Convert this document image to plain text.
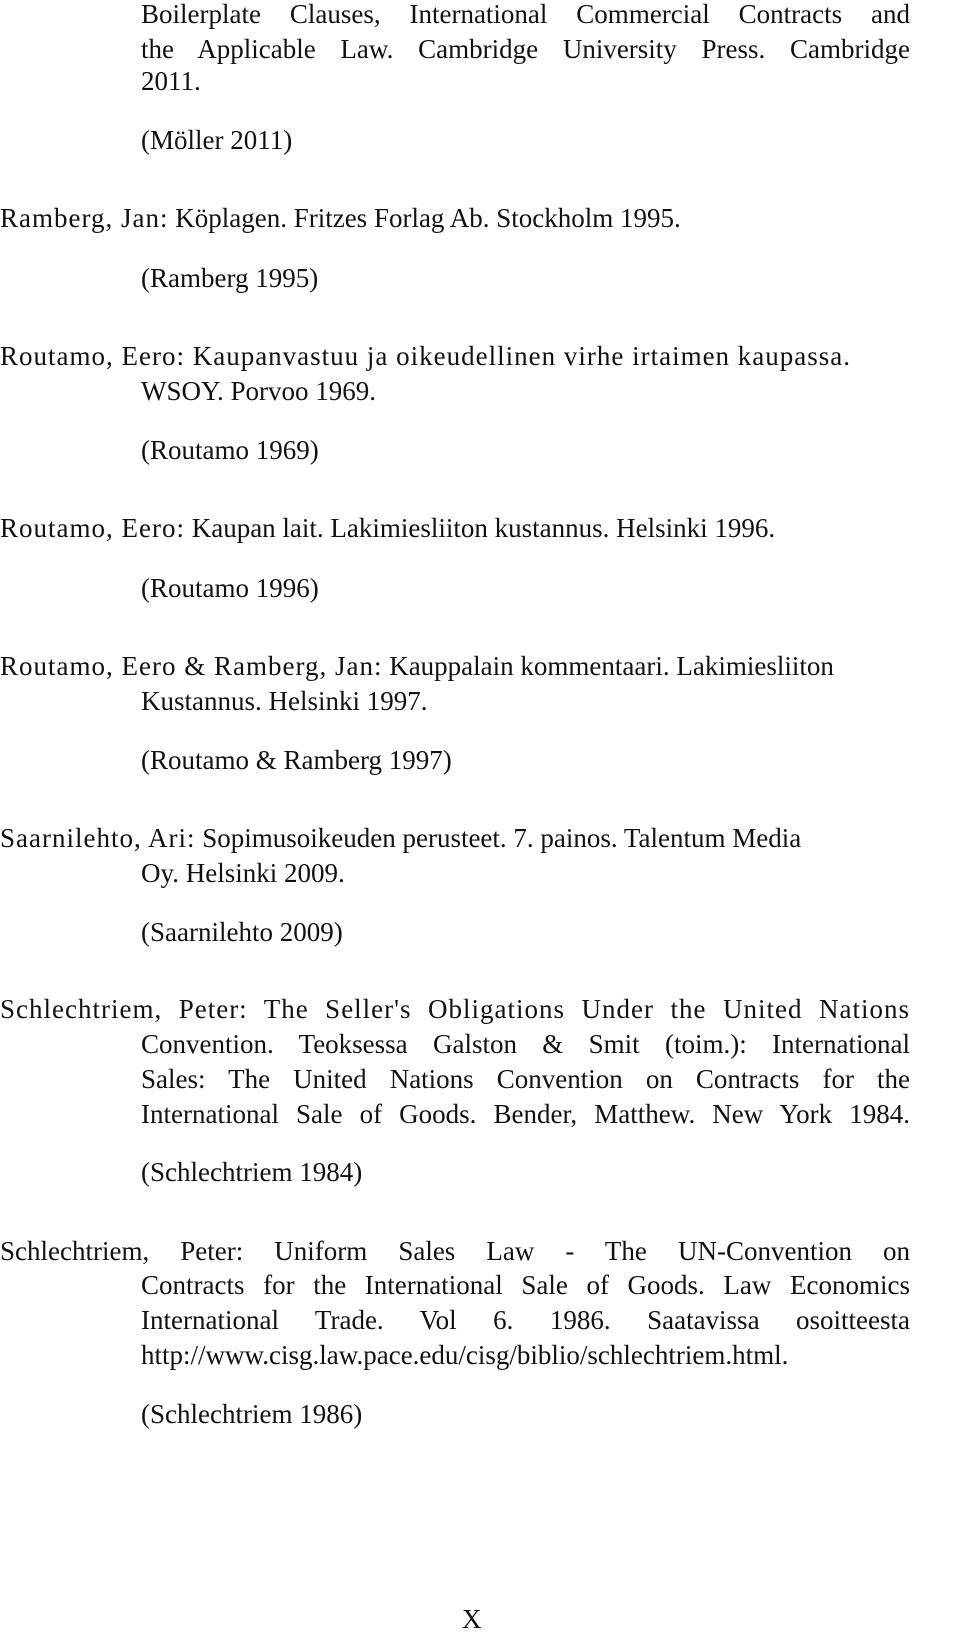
Boilerplate Clauses, International Commercial Contracts and
the Applicable Law. Cambridge University Press. Cambridge
2011.
(Möller 2011)
Ramberg, Jan: Köplagen. Fritzes Forlag Ab. Stockholm 1995.
(Ramberg 1995)
Routamo, Eero: Kaupanvastuu ja oikeudellinen virhe irtaimen kaupassa.
WSOY. Porvoo 1969.
(Routamo 1969)
Routamo, Eero: Kaupan lait. Lakimiesliiton kustannus. Helsinki 1996.
(Routamo 1996)
Routamo, Eero & Ramberg, Jan: Kauppalain kommentaari. Lakimiesliiton
Kustannus. Helsinki 1997.
(Routamo & Ramberg 1997)
Saarnilehto, Ari: Sopimusoikeuden perusteet. 7. painos. Talentum Media
Oy. Helsinki 2009.
(Saarnilehto 2009)
Schlechtriem, Peter: The Seller's Obligations Under the United Nations
Convention. Teoksessa Galston & Smit (toim.): International
Sales: The United Nations Convention on Contracts for the
International Sale of Goods. Bender, Matthew. New York 1984.
(Schlechtriem 1984)
Schlechtriem, Peter: Uniform Sales Law - The UN-Convention on
Contracts for the International Sale of Goods. Law Economics
International Trade. Vol 6. 1986. Saatavissa osoitteesta
http://www.cisg.law.pace.edu/cisg/biblio/schlechtriem.html.
(Schlechtriem 1986)
X
